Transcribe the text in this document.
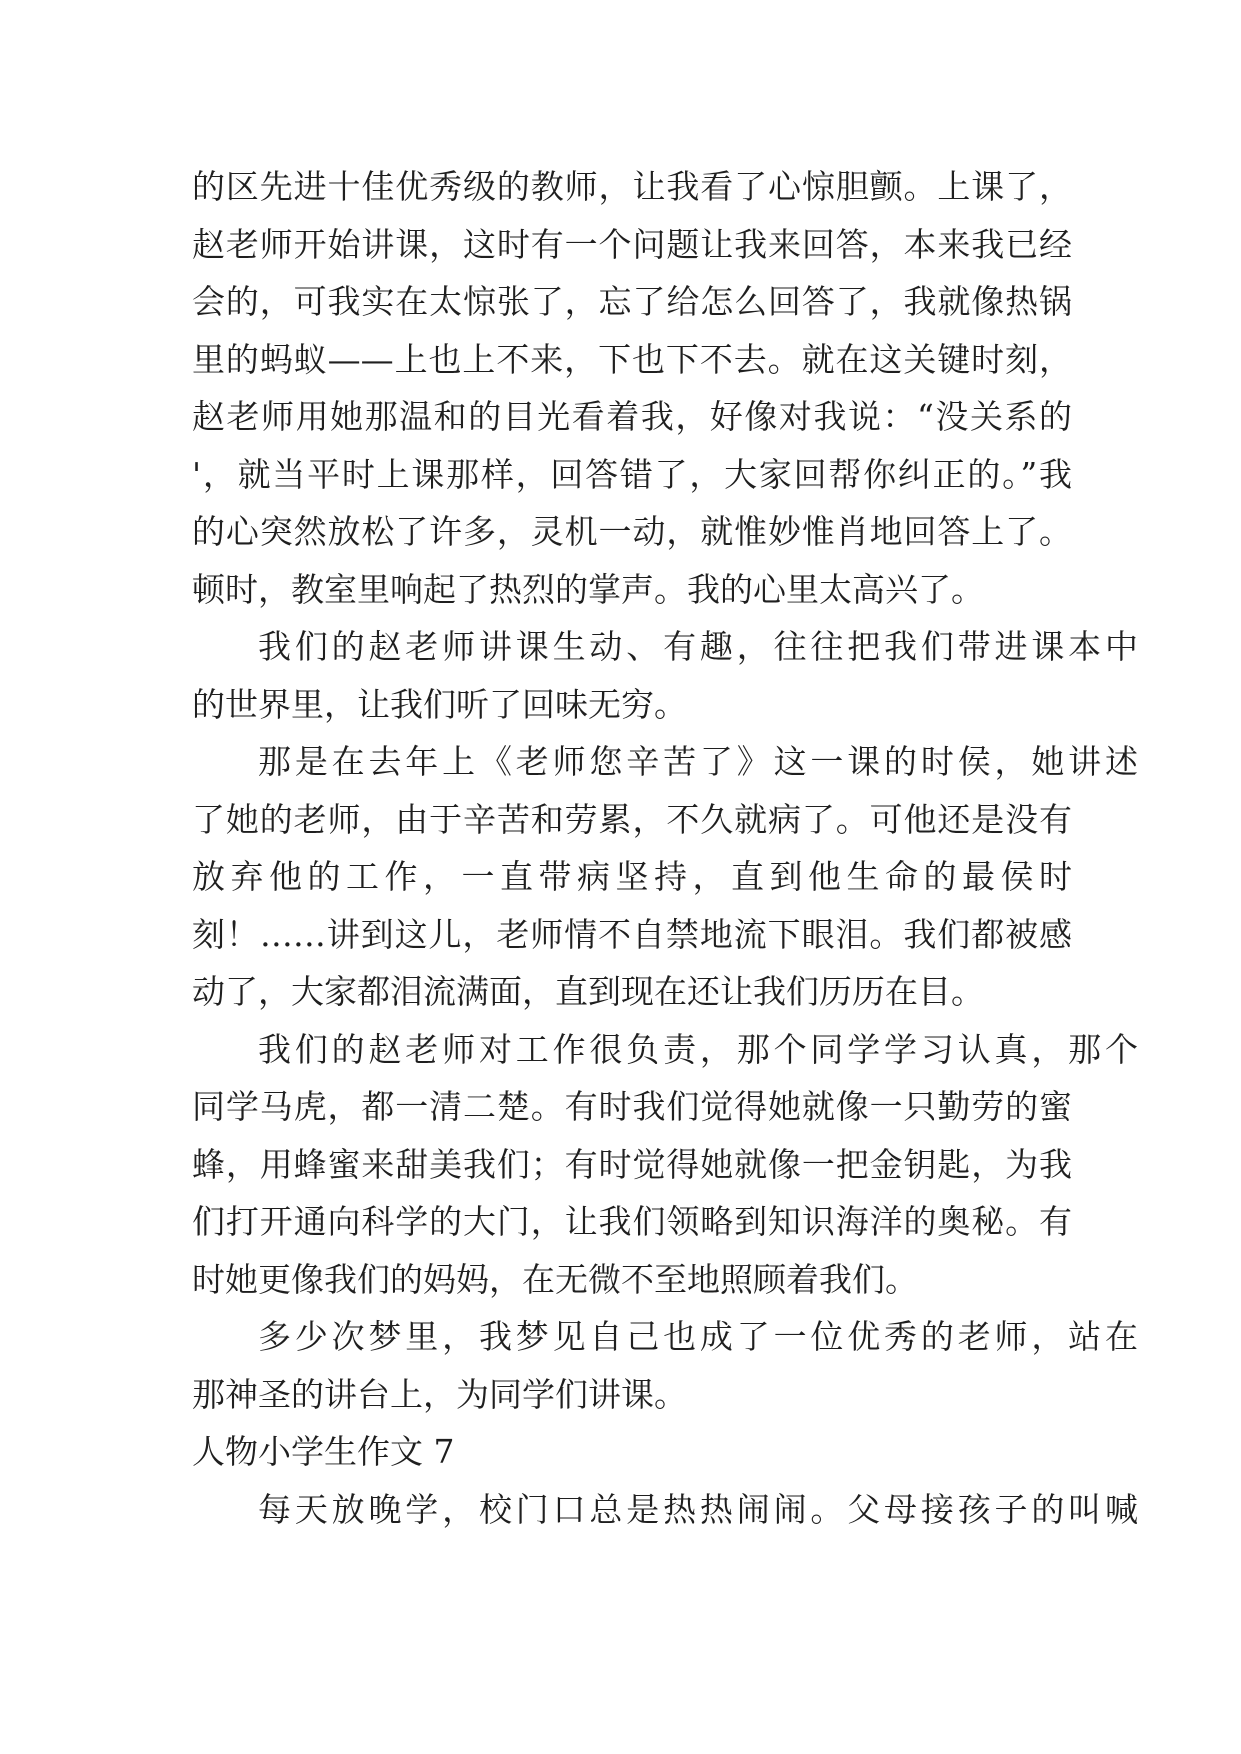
的区先进十佳优秀级的教师，让我看了心惊胆颤。上课了，
赵老师开始讲课，这时有一个问题让我来回答，本来我已经
会的，可我实在太惊张了，忘了给怎么回答了，我就像热锅
里的蚂蚁——上也上不来，下也下不去。就在这关键时刻，
赵老师用她那温和的目光看着我，好像对我说：“没关系的
'，就当平时上课那样，回答错了，大家回帮你纠正的。”我
的心突然放松了许多，灵机一动，就惟妙惟肖地回答上了。
顿时，教室里响起了热烈的掌声。我的心里太高兴了。
我们的赵老师讲课生动、有趣，往往把我们带进课本中
的世界里，让我们听了回味无穷。
那是在去年上《老师您辛苦了》这一课的时侯，她讲述
了她的老师，由于辛苦和劳累，不久就病了。可他还是没有
放弃他的工作，一直带病坚持，直到他生命的最侯时
刻！……讲到这儿，老师情不自禁地流下眼泪。我们都被感
动了，大家都泪流满面，直到现在还让我们历历在目。
我们的赵老师对工作很负责，那个同学学习认真，那个
同学马虎，都一清二楚。有时我们觉得她就像一只勤劳的蜜
蜂，用蜂蜜来甜美我们；有时觉得她就像一把金钥匙，为我
们打开通向科学的大门，让我们领略到知识海洋的奥秘。有
时她更像我们的妈妈，在无微不至地照顾着我们。
多少次梦里，我梦见自己也成了一位优秀的老师，站在
那神圣的讲台上，为同学们讲课。
人物小学生作文 7
每天放晚学，校门口总是热热闹闹。父母接孩子的叫喊
